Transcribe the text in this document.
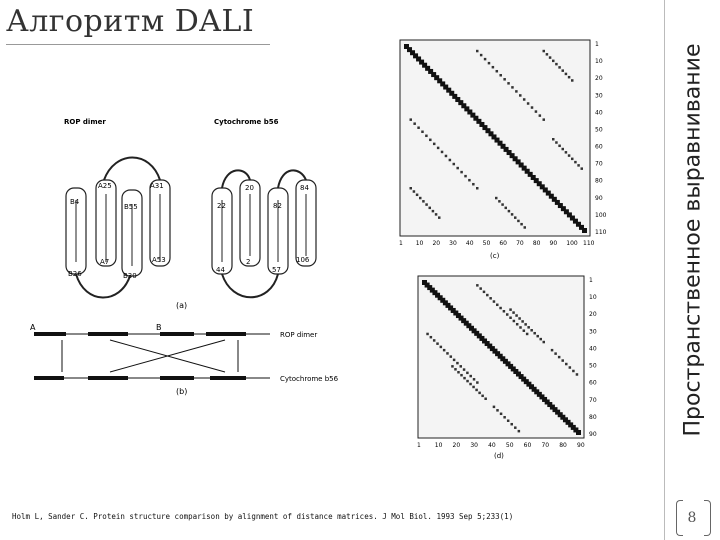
Алгоритм DALI
Пространственное выравнивание
8
Holm L, Sander C. Protein structure comparison by alignment of distance matrices. J Mol Biol. 1993 Sep 5;233(1)
ROP dimer	Cytochrome b56
A25	A31
B4
B55
A7	A53
B26	B30
20	84
22	82
44
2
57
106
(a)
A	B
ROP dimer
Cytochrome b56
(b)
1
10
20
30
40
50
60
70
80
90
100
110
1 10 20 30 40 50 60 70 80 90 100 110
(c)
1
10
20
30
40
50
60
70
80
90
1 10 20 30 40 50 60 70 80 90
(d)
